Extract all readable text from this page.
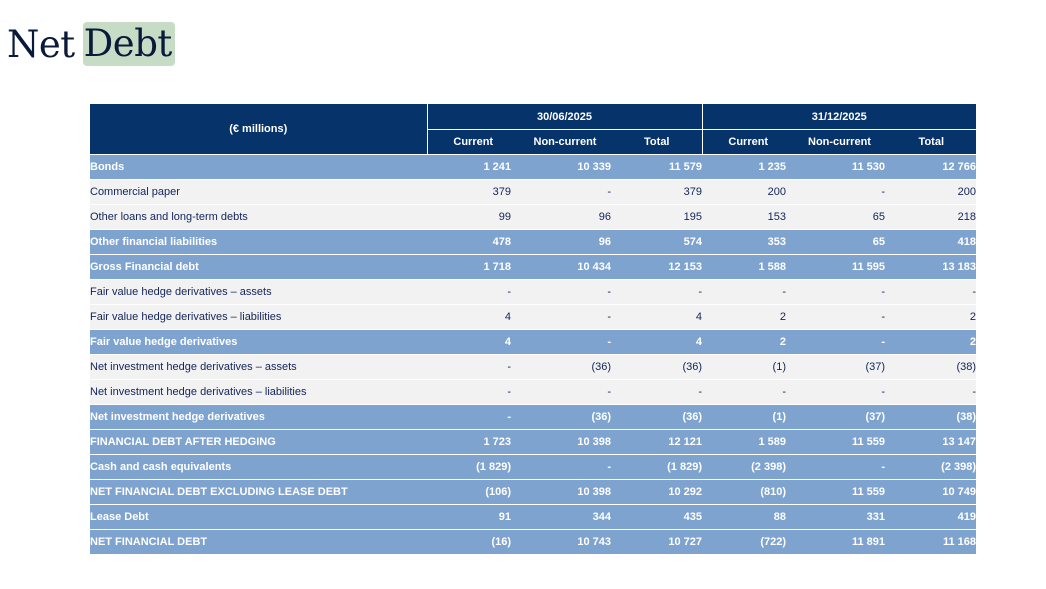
Net Debt
(€ millions)	30/06/2025			31/12/2025		
	Current	Non-current	Total	Current	Non-current	Total
Bonds	1 241	10 339	11 579	1 235	11 530	12 766
Commercial paper	379	-	379	200	-	200
Other loans and long-term debts	99	96	195	153	65	218
Other financial liabilities	478	96	574	353	65	418
Gross Financial debt	1 718	10 434	12 153	1 588	11 595	13 183
Fair value hedge derivatives – assets	-	-	-	-	-	-
Fair value hedge derivatives – liabilities	4	-	4	2	-	2
Fair value hedge derivatives	4	-	4	2	-	2
Net investment hedge derivatives – assets	-	(36)	(36)	(1)	(37)	(38)
Net investment hedge derivatives – liabilities	-	-	-	-	-	-
Net investment hedge derivatives	-	(36)	(36)	(1)	(37)	(38)
FINANCIAL DEBT AFTER HEDGING	1 723	10 398	12 121	1 589	11 559	13 147
Cash and cash equivalents	(1 829)	-	(1 829)	(2 398)	-	(2 398)
NET FINANCIAL DEBT EXCLUDING LEASE DEBT	(106)	10 398	10 292	(810)	11 559	10 749
Lease Debt	91	344	435	88	331	419
NET FINANCIAL DEBT	(16)	10 743	10 727	(722)	11 891	11 168
